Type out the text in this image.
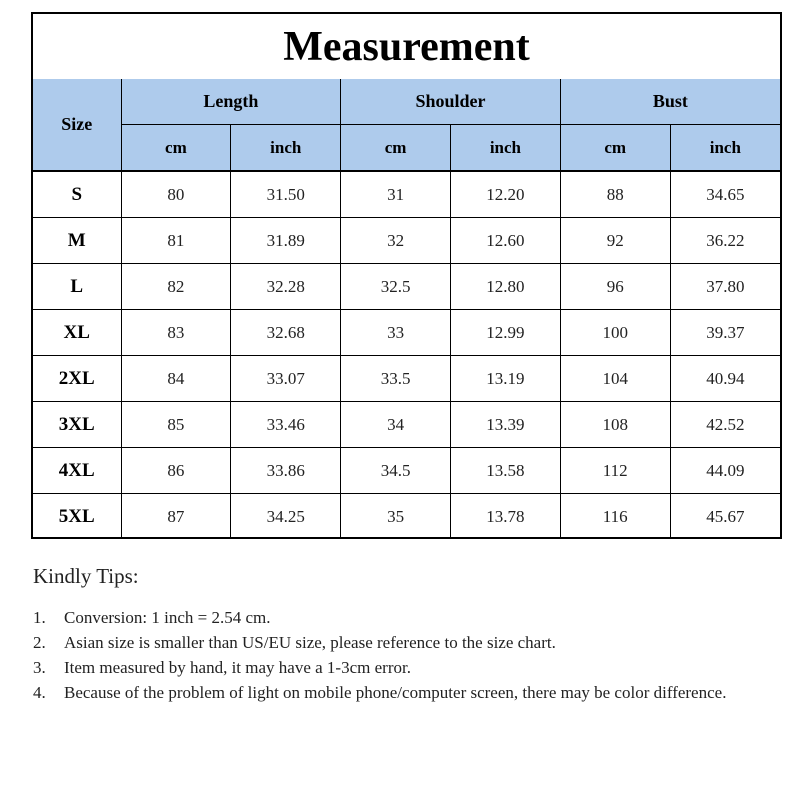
Measurement
Size	Length		Shoulder		Bust	
	cm	inch	cm	inch	cm	inch
S	80	31.50	31	12.20	88	34.65
M	81	31.89	32	12.60	92	36.22
L	82	32.28	32.5	12.80	96	37.80
XL	83	32.68	33	12.99	100	39.37
2XL	84	33.07	33.5	13.19	104	40.94
3XL	85	33.46	34	13.39	108	42.52
4XL	86	33.86	34.5	13.58	112	44.09
5XL	87	34.25	35	13.78	116	45.67
Kindly Tips:
1.	Conversion: 1 inch = 2.54 cm.
2.	Asian size is smaller than US/EU size, please reference to the size chart.
3.	Item measured by hand, it may have a 1-3cm error.
4.	Because of the problem of light on mobile phone/computer screen, there may be color difference.
